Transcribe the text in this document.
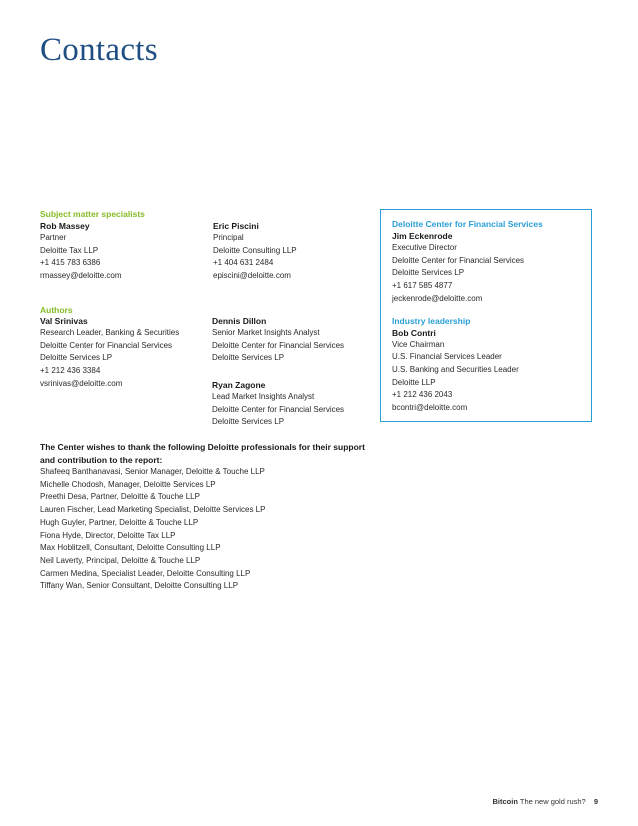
Contacts
Subject matter specialists
Rob Massey
Partner
Deloitte Tax LLP
+1 415 783 6386
rmassey@deloitte.com
Eric Piscini
Principal
Deloitte Consulting LLP
+1 404 631 2484
episcini@deloitte.com
Authors
Val Srinivas
Research Leader, Banking & Securities
Deloitte Center for Financial Services
Deloitte Services LP
+1 212 436 3384
vsrinivas@deloitte.com
Dennis Dillon
Senior Market Insights Analyst
Deloitte Center for Financial Services
Deloitte Services LP
Ryan Zagone
Lead Market Insights Analyst
Deloitte Center for Financial Services
Deloitte Services LP
Deloitte Center for Financial Services
Jim Eckenrode
Executive Director
Deloitte Center for Financial Services
Deloitte Services LP
+1 617 585 4877
jeckenrode@deloitte.com
Industry leadership
Bob Contri
Vice Chairman
U.S. Financial Services Leader
U.S. Banking and Securities Leader
Deloitte LLP
+1 212 436 2043
bcontri@deloitte.com
The Center wishes to thank the following Deloitte professionals for their support and contribution to the report:
Shafeeq Banthanavasi, Senior Manager, Deloitte & Touche LLP
Michelle Chodosh, Manager, Deloitte Services LP
Preethi Desa, Partner, Deloitte & Touche LLP
Lauren Fischer, Lead Marketing Specialist, Deloitte Services LP
Hugh Guyler, Partner, Deloitte & Touche LLP
Fiona Hyde, Director, Deloitte Tax LLP
Max Hoblitzell, Consultant, Deloitte Consulting LLP
Neil Laverty, Principal, Deloitte & Touche LLP
Carmen Medina, Specialist Leader, Deloitte Consulting LLP
Tiffany Wan, Senior Consultant, Deloitte Consulting LLP
Bitcoin The new gold rush? 9
